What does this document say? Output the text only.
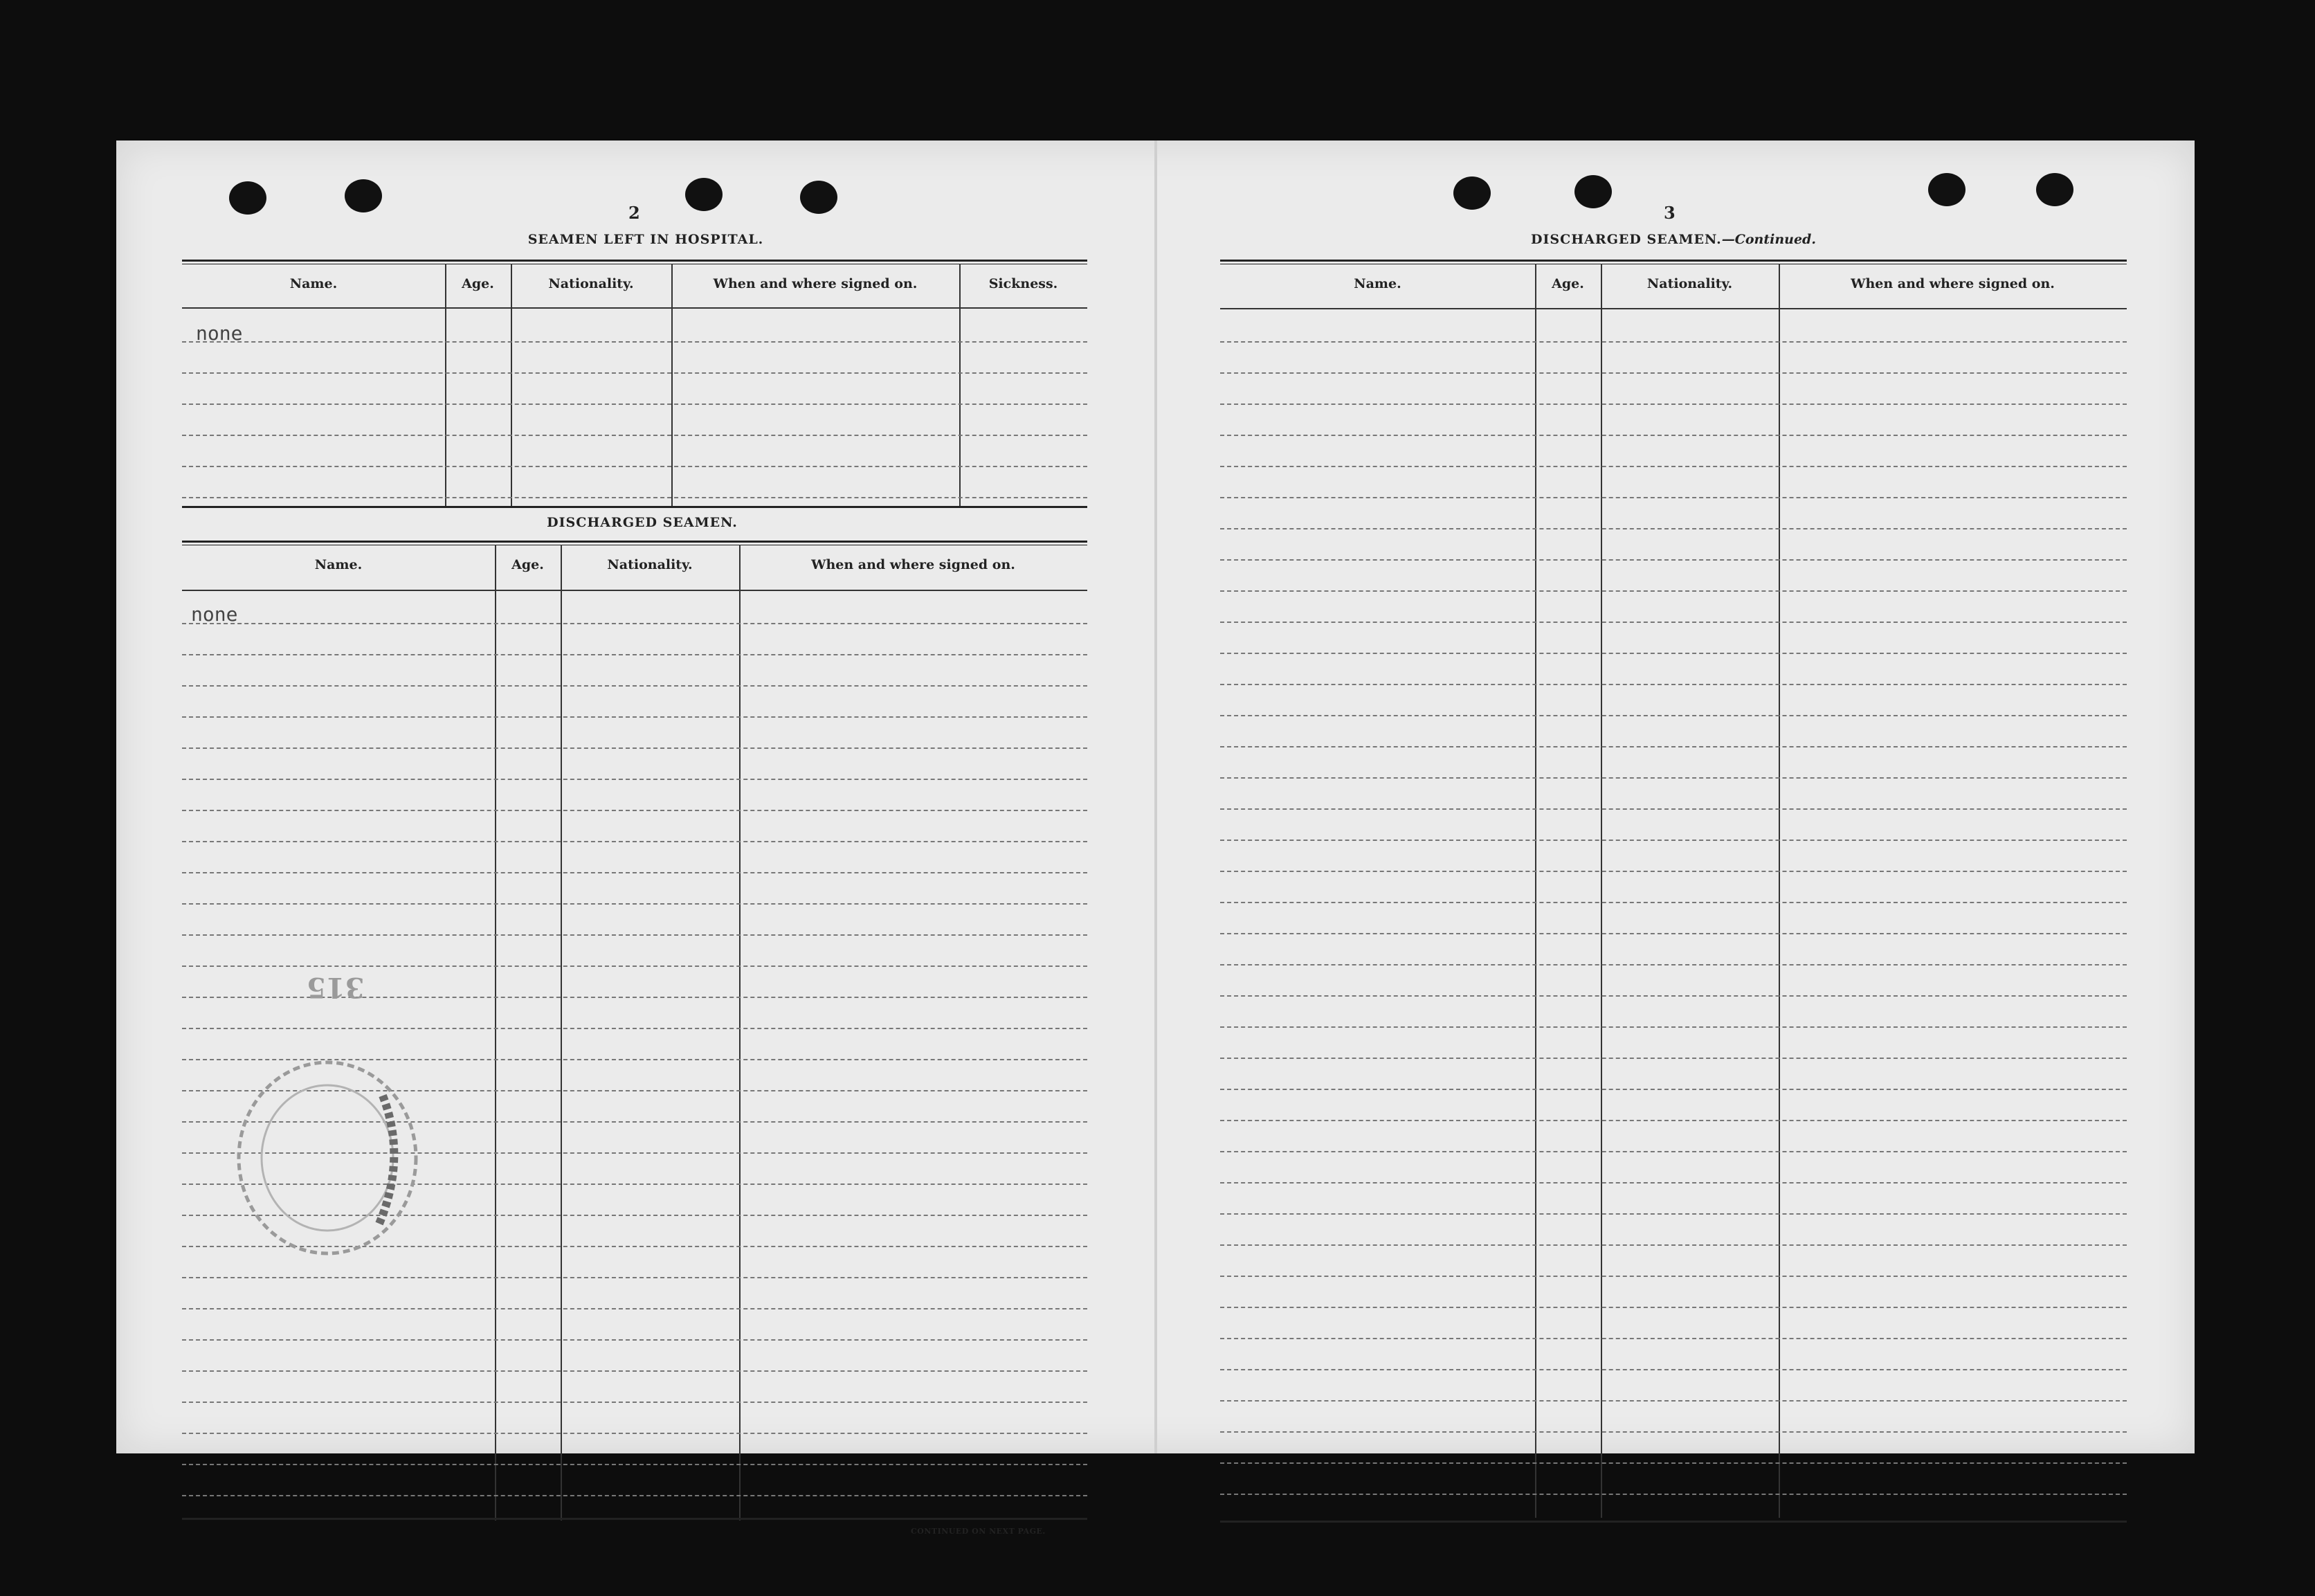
2
SEAMEN LEFT IN HOSPITAL.
Name.	Age.	Nationality.	When and where signed on.	Sickness.
none
DISCHARGED SEAMEN.
Name.	Age.	Nationality.	When and where signed on.
none
315
CONTINUED ON NEXT PAGE.
3
DISCHARGED SEAMEN.—Continued.
Name.	Age.	Nationality.	When and where signed on.
